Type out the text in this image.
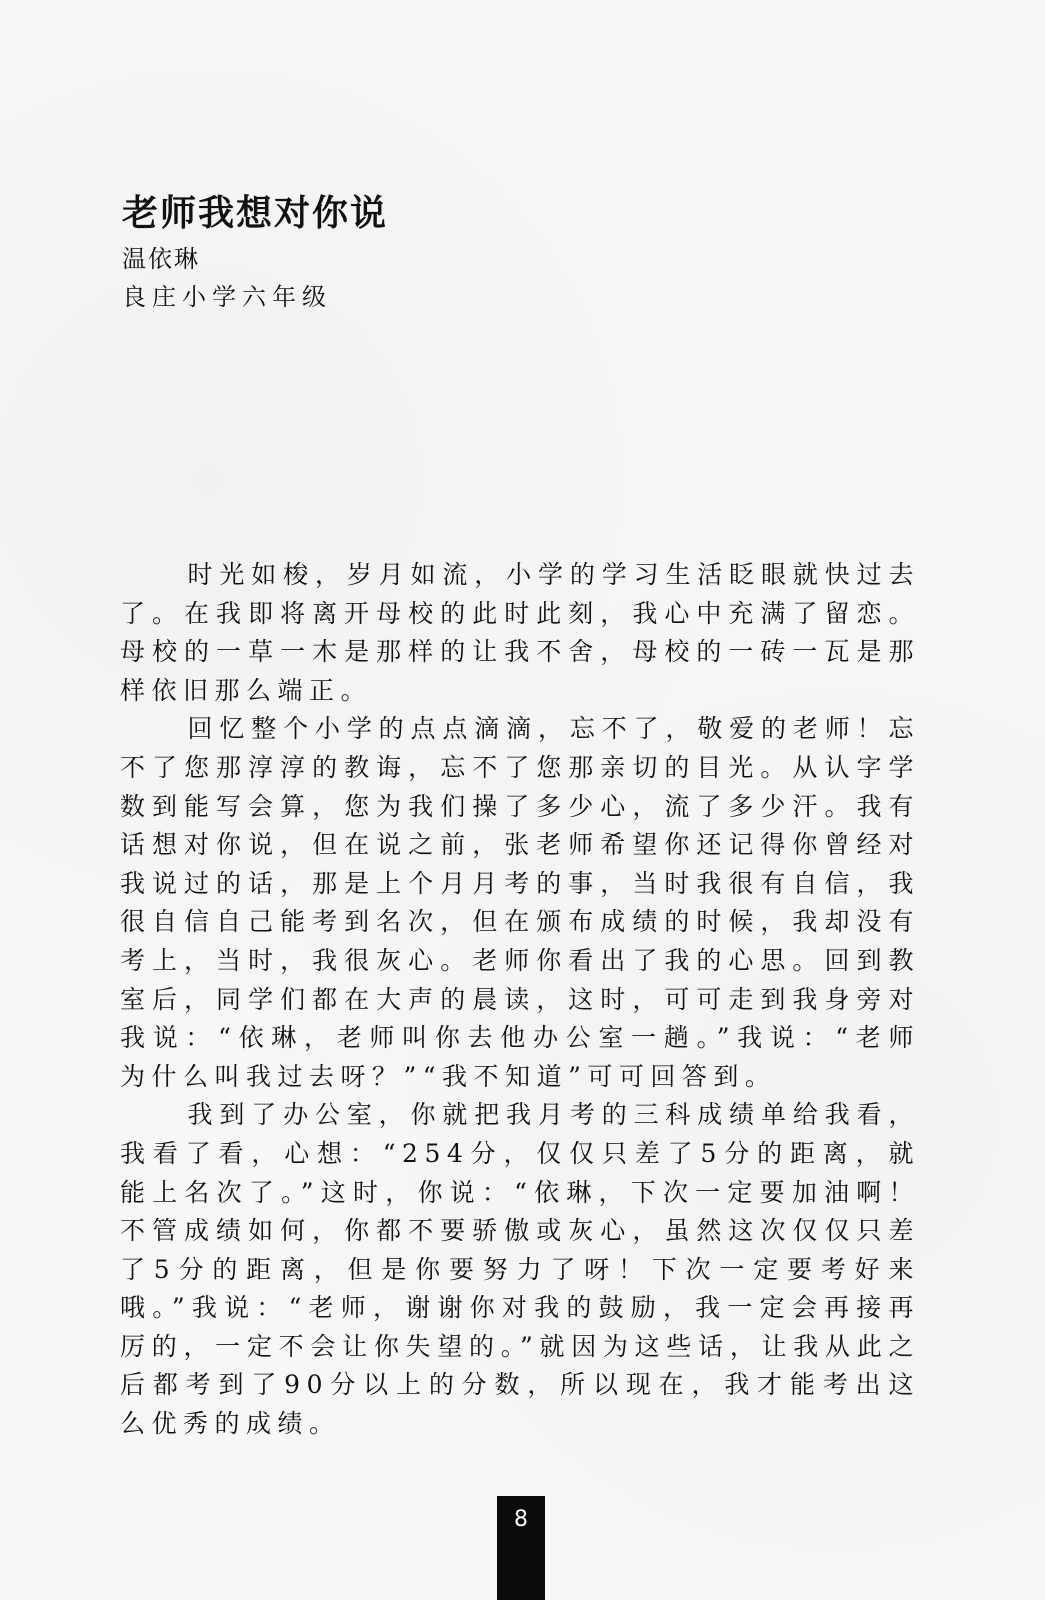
老师我想对你说
温依琳
良庄小学六年级

时光如梭，岁月如流，小学的学习生活眨眼就快过去了。在我即将离开母校的此时此刻，我心中充满了留恋。母校的一草一木是那样的让我不舍，母校的一砖一瓦是那样依旧那么端正。

回忆整个小学的点点滴滴，忘不了，敬爱的老师！忘不了您那淳淳的教诲，忘不了您那亲切的目光。从认字学数到能写会算，您为我们操了多少心，流了多少汗。我有话想对你说，但在说之前，张老师希望你还记得你曾经对我说过的话，那是上个月月考的事，当时我很有自信，我很自信自己能考到名次，但在颁布成绩的时候，我却没有考上，当时，我很灰心。老师你看出了我的心思。回到教室后，同学们都在大声的晨读，这时，可可走到我身旁对我说：“依琳，老师叫你去他办公室一趟。”我说：“老师为什么叫我过去呀？”“我不知道”可可回答到。

我到了办公室，你就把我月考的三科成绩单给我看，我看了看，心想：“254分，仅仅只差了5分的距离，就能上名次了。”这时，你说：“依琳，下次一定要加油啊！不管成绩如何，你都不要骄傲或灰心，虽然这次仅仅只差了5分的距离，但是你要努力了呀！下次一定要考好来哦。”我说：“老师，谢谢你对我的鼓励，我一定会再接再厉的，一定不会让你失望的。”就因为这些话，让我从此之后都考到了90分以上的分数，所以现在，我才能考出这么优秀的成绩。

8
